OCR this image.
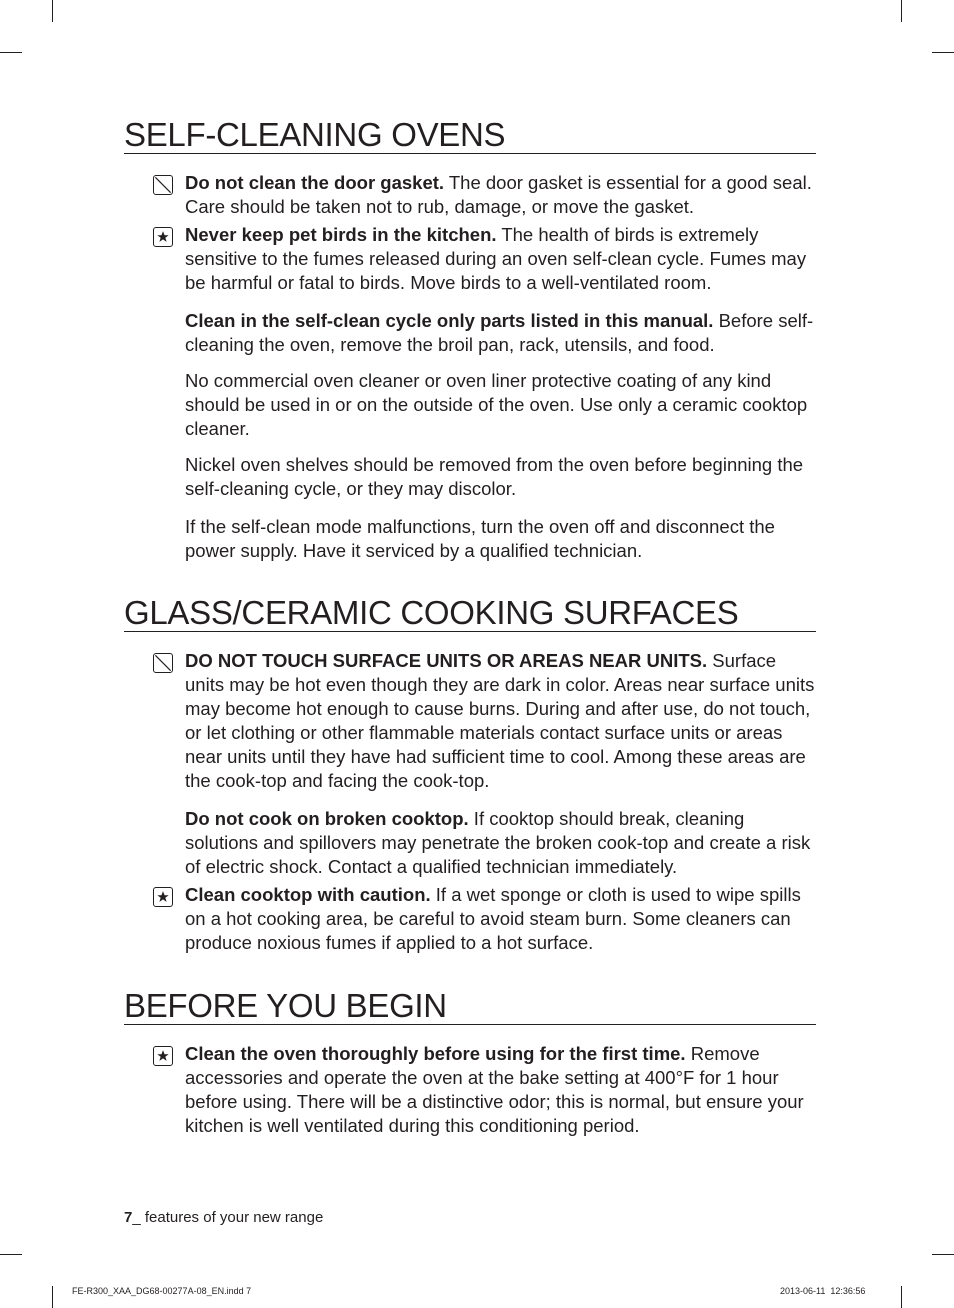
SELF-CLEANING OVENS
Do not clean the door gasket. The door gasket is essential for a good seal. Care should be taken not to rub, damage, or move the gasket.
Never keep pet birds in the kitchen. The health of birds is extremely sensitive to the fumes released during an oven self-clean cycle. Fumes may be harmful or fatal to birds. Move birds to a well-ventilated room.
Clean in the self-clean cycle only parts listed in this manual. Before self-cleaning the oven, remove the broil pan, rack, utensils, and food.
No commercial oven cleaner or oven liner protective coating of any kind should be used in or on the outside of the oven. Use only a ceramic cooktop cleaner.
Nickel oven shelves should be removed from the oven before beginning the self-cleaning cycle, or they may discolor.
If the self-clean mode malfunctions, turn the oven off and disconnect the power supply. Have it serviced by a qualified technician.
GLASS/CERAMIC COOKING SURFACES
DO NOT TOUCH SURFACE UNITS OR AREAS NEAR UNITS. Surface units may be hot even though they are dark in color. Areas near surface units may become hot enough to cause burns. During and after use, do not touch, or let clothing or other flammable materials contact surface units or areas near units until they have had sufficient time to cool. Among these areas are the cook-top and facing the cook-top.
Do not cook on broken cooktop. If cooktop should break, cleaning solutions and spillovers may penetrate the broken cook-top and create a risk of electric shock. Contact a qualified technician immediately.
Clean cooktop with caution. If a wet sponge or cloth is used to wipe spills on a hot cooking area, be careful to avoid steam burn. Some cleaners can produce noxious fumes if applied to a hot surface.
BEFORE YOU BEGIN
Clean the oven thoroughly before using for the first time. Remove accessories and operate the oven at the bake setting at 400°F for 1 hour before using. There will be a distinctive odor; this is normal, but ensure your kitchen is well ventilated during this conditioning period.
7_ features of your new range
FE-R300_XAA_DG68-00277A-08_EN.indd 7	2013-06-11 ⁭⁭ 12:36:56
